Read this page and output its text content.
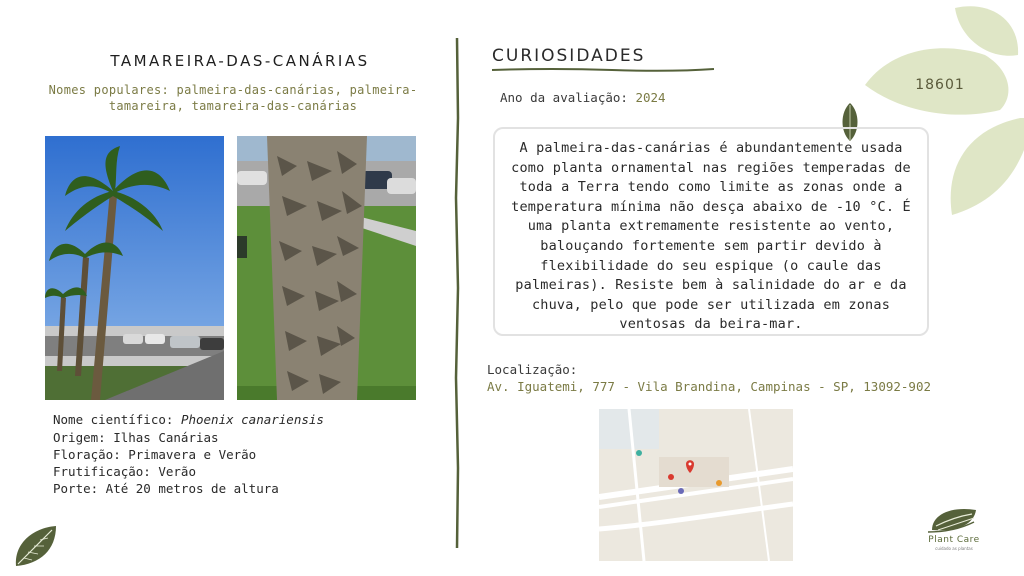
18601
TAMAREIRA-DAS-CANÁRIAS
Nomes populares: palmeira-das-canárias, palmeira-tamareira, tamareira-das-canárias
Nome científico: Phoenix canariensis
Origem: Ilhas Canárias
Floração: Primavera e Verão
Frutificação: Verão
Porte: Até 20 metros de altura
CURIOSIDADES
Ano da avaliação: 2024
A palmeira-das-canárias é abundantemente usada como planta ornamental nas regiões temperadas de toda a Terra tendo como limite as zonas onde a temperatura mínima não desça abaixo de -10 °C. É uma planta extremamente resistente ao vento, balouçando fortemente sem partir devido à flexibilidade do seu espique (o caule das palmeiras). Resiste bem à salinidade do ar e da chuva, pelo que pode ser utilizada em zonas ventosas da beira-mar.
Localização:
Av. Iguatemi, 777 - Vila Brandina, Campinas - SP, 13092-902
Plant Care
cuidado as plantas
